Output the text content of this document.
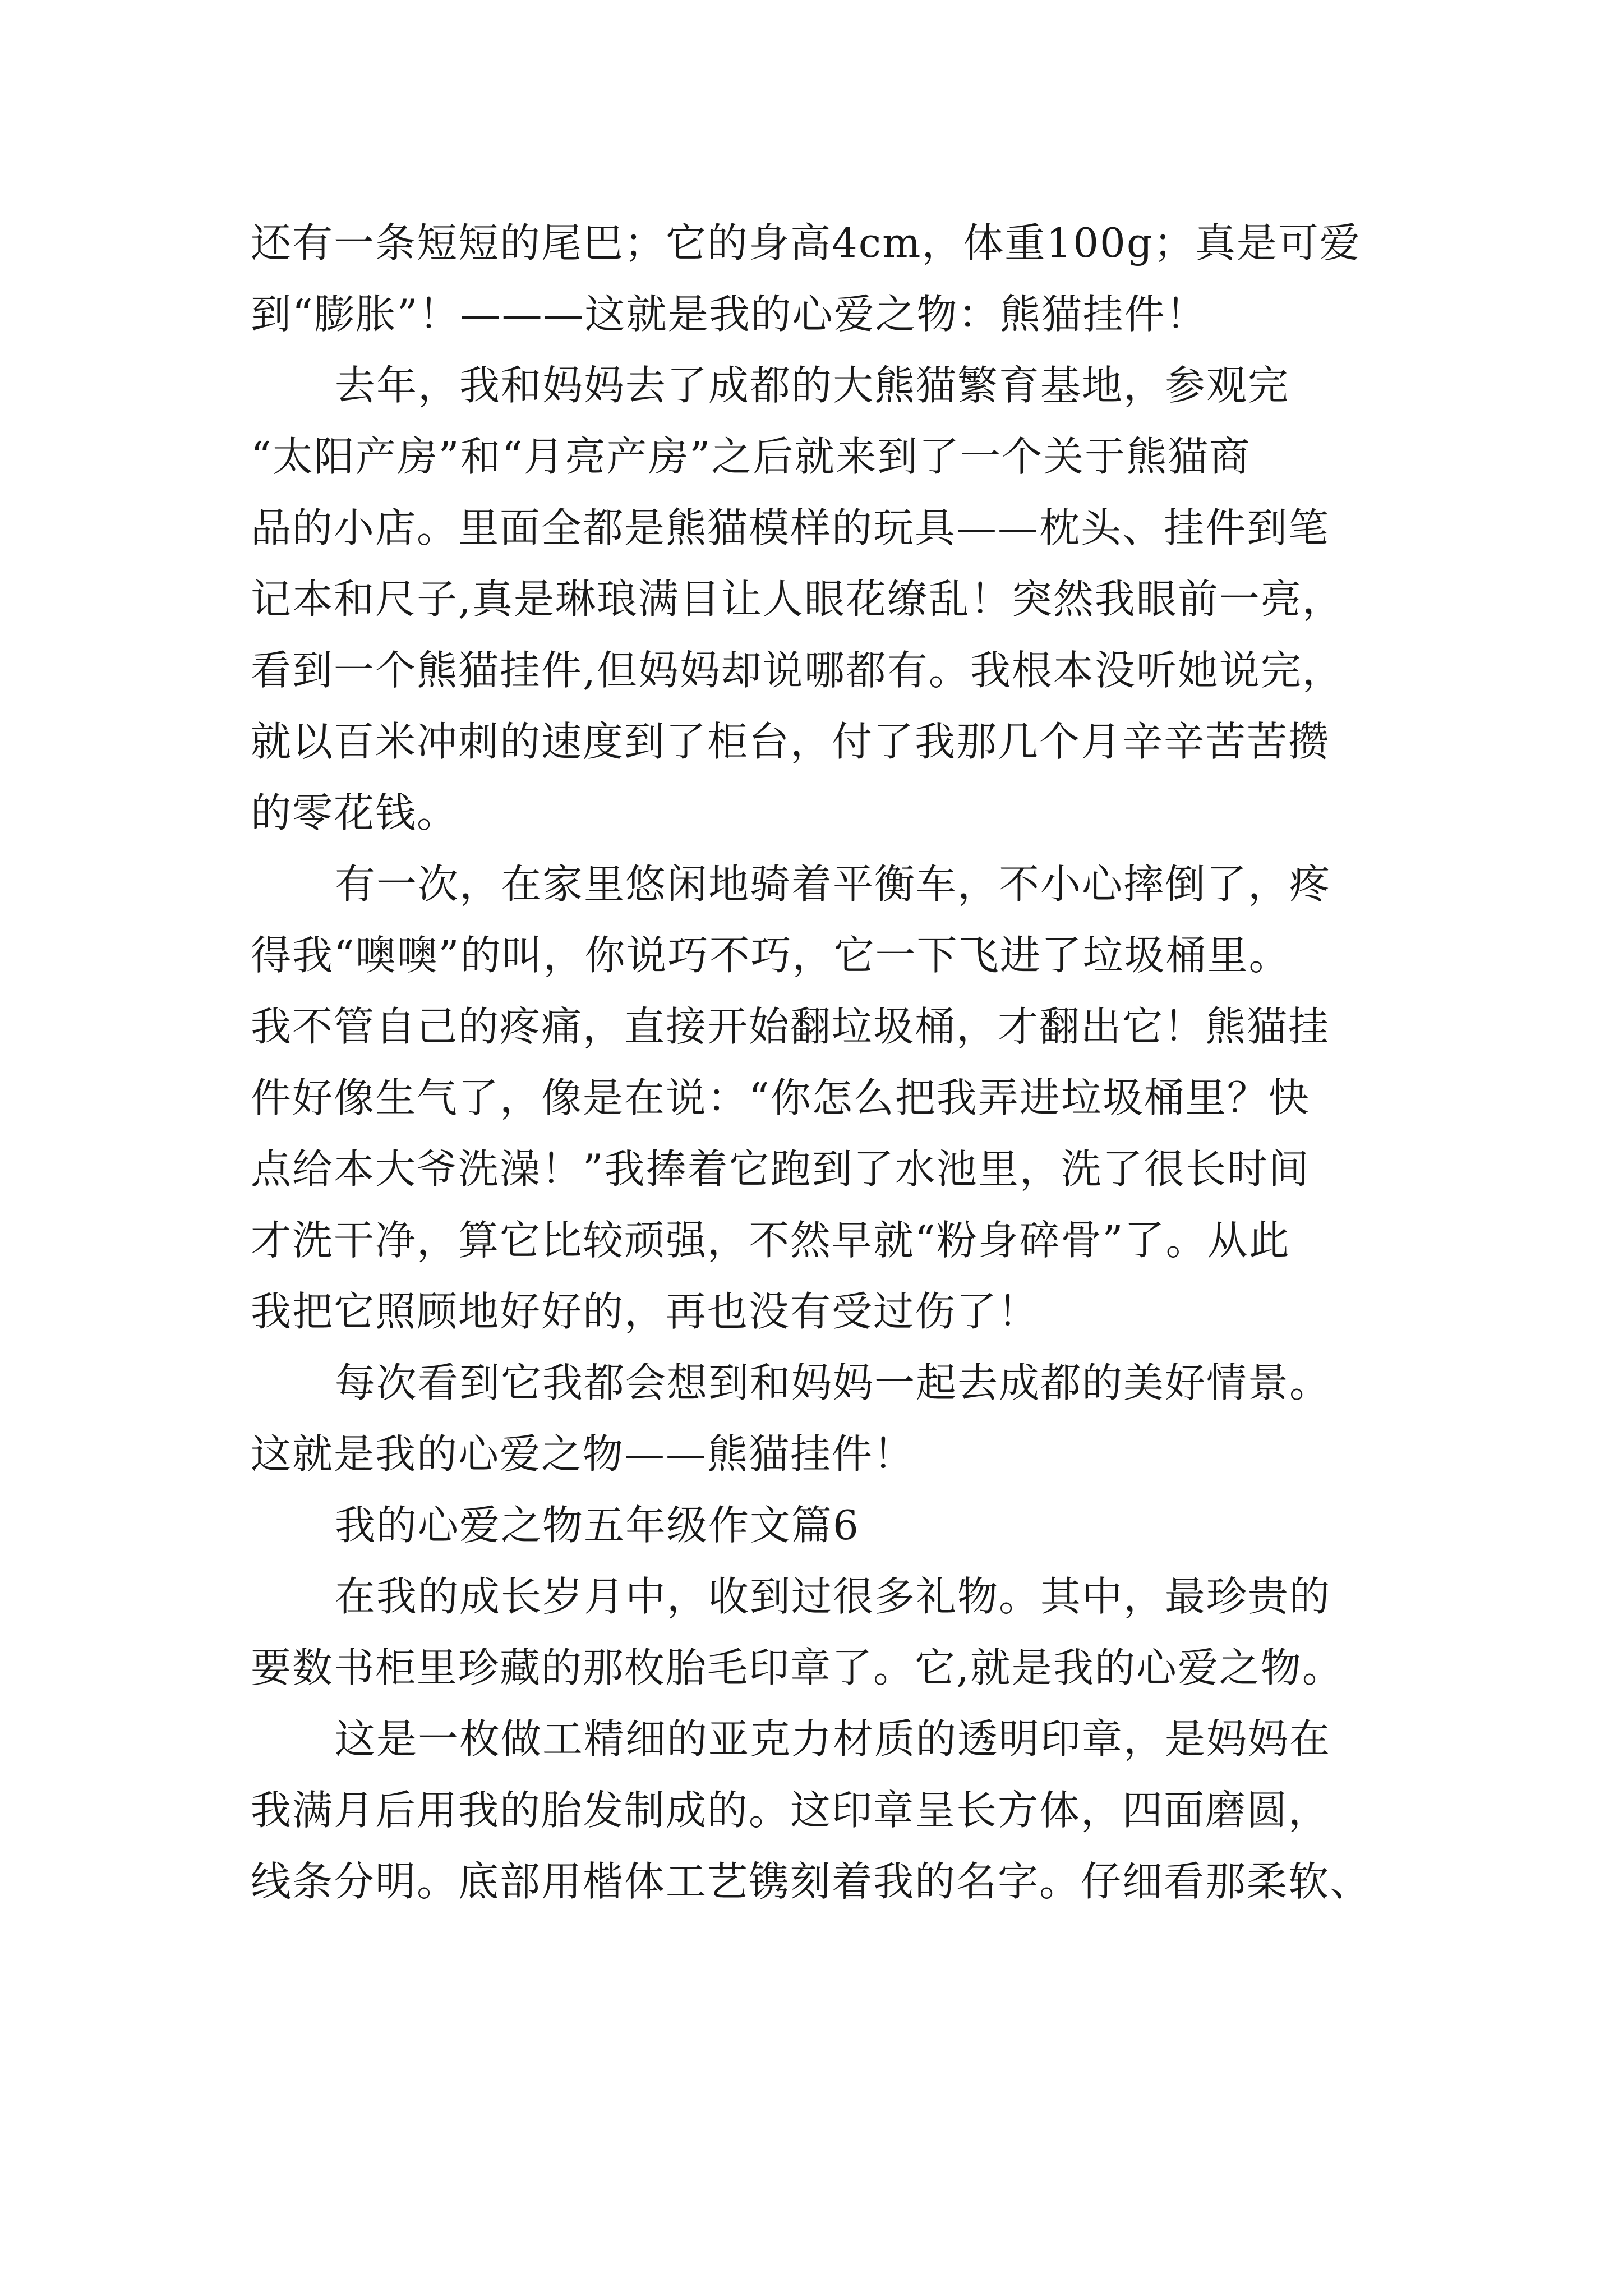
还有一条短短的尾巴；它的身高4cm，体重100g；真是可爱
到“膨胀”！———这就是我的心爱之物：熊猫挂件！
去年，我和妈妈去了成都的大熊猫繁育基地，参观完
“太阳产房”和“月亮产房”之后就来到了一个关于熊猫商
品的小店。里面全都是熊猫模样的玩具——枕头、挂件到笔
记本和尺子,真是琳琅满目让人眼花缭乱！突然我眼前一亮，
看到一个熊猫挂件,但妈妈却说哪都有。我根本没听她说完，
就以百米冲刺的速度到了柜台，付了我那几个月辛辛苦苦攒
的零花钱。
有一次，在家里悠闲地骑着平衡车，不小心摔倒了，疼
得我“噢噢”的叫，你说巧不巧，它一下飞进了垃圾桶里。
我不管自己的疼痛，直接开始翻垃圾桶，才翻出它！熊猫挂
件好像生气了，像是在说：“你怎么把我弄进垃圾桶里？快
点给本大爷洗澡！”我捧着它跑到了水池里，洗了很长时间
才洗干净，算它比较顽强，不然早就“粉身碎骨”了。从此
我把它照顾地好好的，再也没有受过伤了！
每次看到它我都会想到和妈妈一起去成都的美好情景。
这就是我的心爱之物——熊猫挂件！
我的心爱之物五年级作文篇6
在我的成长岁月中，收到过很多礼物。其中，最珍贵的
要数书柜里珍藏的那枚胎毛印章了。它,就是我的心爱之物。
这是一枚做工精细的亚克力材质的透明印章，是妈妈在
我满月后用我的胎发制成的。这印章呈长方体，四面磨圆，
线条分明。底部用楷体工艺镌刻着我的名字。仔细看那柔软、
